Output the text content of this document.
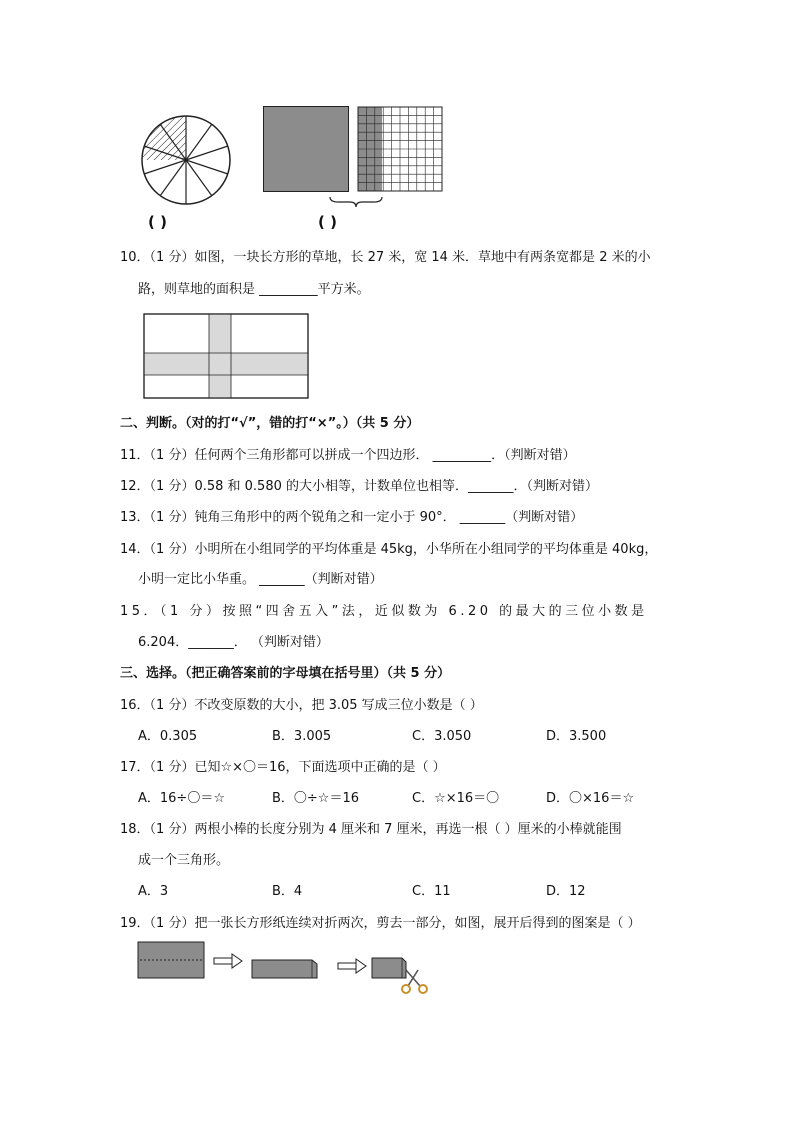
( )	( )
10．（1 分）如图，一块长方形的草地，长 27 米，宽 14 米．草地中有两条宽都是 2 米的小
路，则草地的面积是 _________平方米。
二、判断。（对的打“√”，错的打“×”。）（共 5 分）
11．（1 分）任何两个三角形都可以拼成一个四边形． _________．（判断对错）
12．（1 分）0.58 和 0.580 的大小相等，计数单位也相等．_______．（判断对错）
13．（1 分）钝角三角形中的两个锐角之和一定小于 90°． _______（判断对错）
14．（1 分）小明所在小组同学的平均体重是 45kg，小华所在小组同学的平均体重是 40kg，
小明一定比小华重。 _______（判断对错）
15．（1 分）按照“四舍五入”法，近似数为 6.20 的最大的三位小数是
6.204．_______． （判断对错）
三、选择。（把正确答案前的字母填在括号里）（共 5 分）
16．（1 分）不改变原数的大小，把 3.05 写成三位小数是（ ）
A．0.305	B．3.005	C．3.050	D．3.500
17．（1 分）已知☆×〇＝16，下面选项中正确的是（ ）
A．16÷〇＝☆	B．〇÷☆＝16	C．☆×16＝〇	D．〇×16＝☆
18．（1 分）两根小棒的长度分别为 4 厘米和 7 厘米，再选一根（ ）厘米的小棒就能围
成一个三角形。
A．3	B．4	C．11	D．12
19．（1 分）把一张长方形纸连续对折两次，剪去一部分，如图，展开后得到的图案是（ ）
